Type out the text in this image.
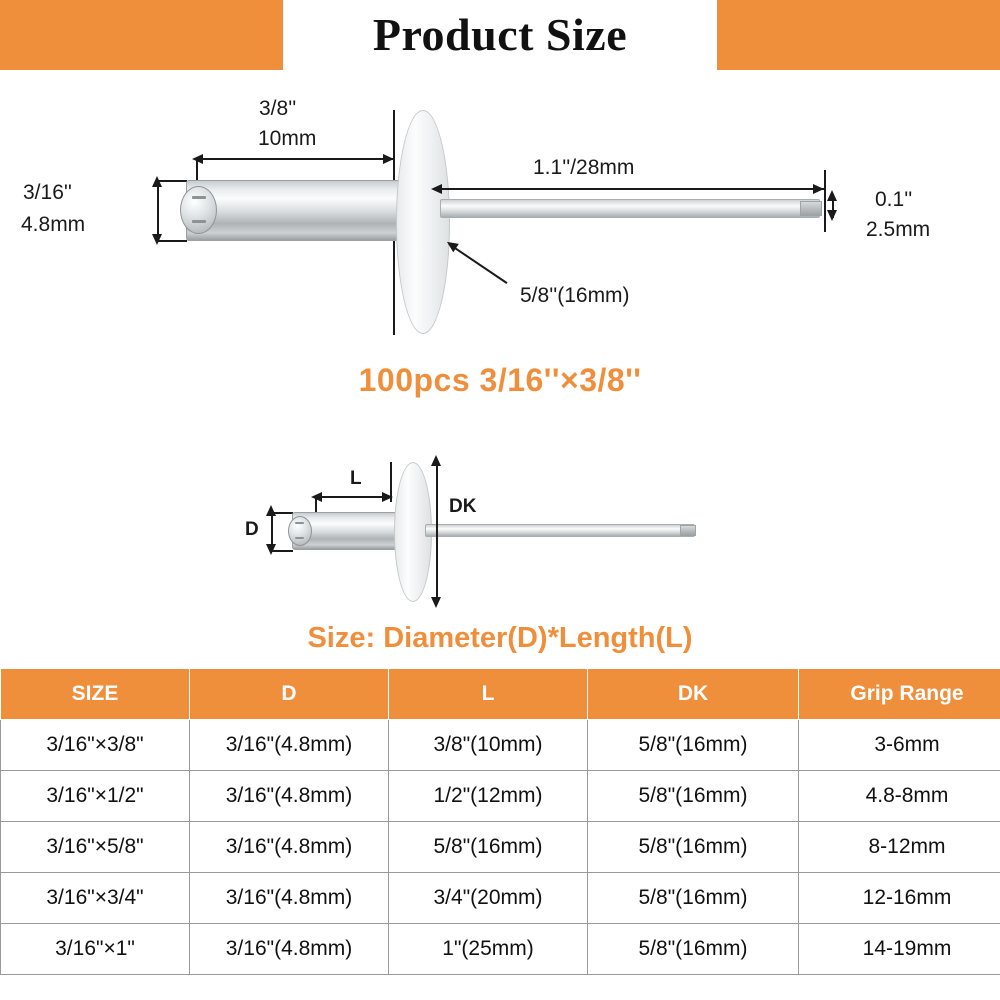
Product Size
3/8''
10mm
3/16''
4.8mm
1.1''/28mm
0.1''
2.5mm
5/8''(16mm)
100pcs 3/16''×3/8''
L
D
DK
Size: Diameter(D)*Length(L)
SIZE	D	L	DK	Grip Range
3/16"×3/8"	3/16"(4.8mm)	3/8"(10mm)	5/8"(16mm)	3-6mm
3/16"×1/2"	3/16"(4.8mm)	1/2"(12mm)	5/8"(16mm)	4.8-8mm
3/16"×5/8"	3/16"(4.8mm)	5/8"(16mm)	5/8"(16mm)	8-12mm
3/16"×3/4"	3/16"(4.8mm)	3/4"(20mm)	5/8"(16mm)	12-16mm
3/16"×1"	3/16"(4.8mm)	1"(25mm)	5/8"(16mm)	14-19mm
